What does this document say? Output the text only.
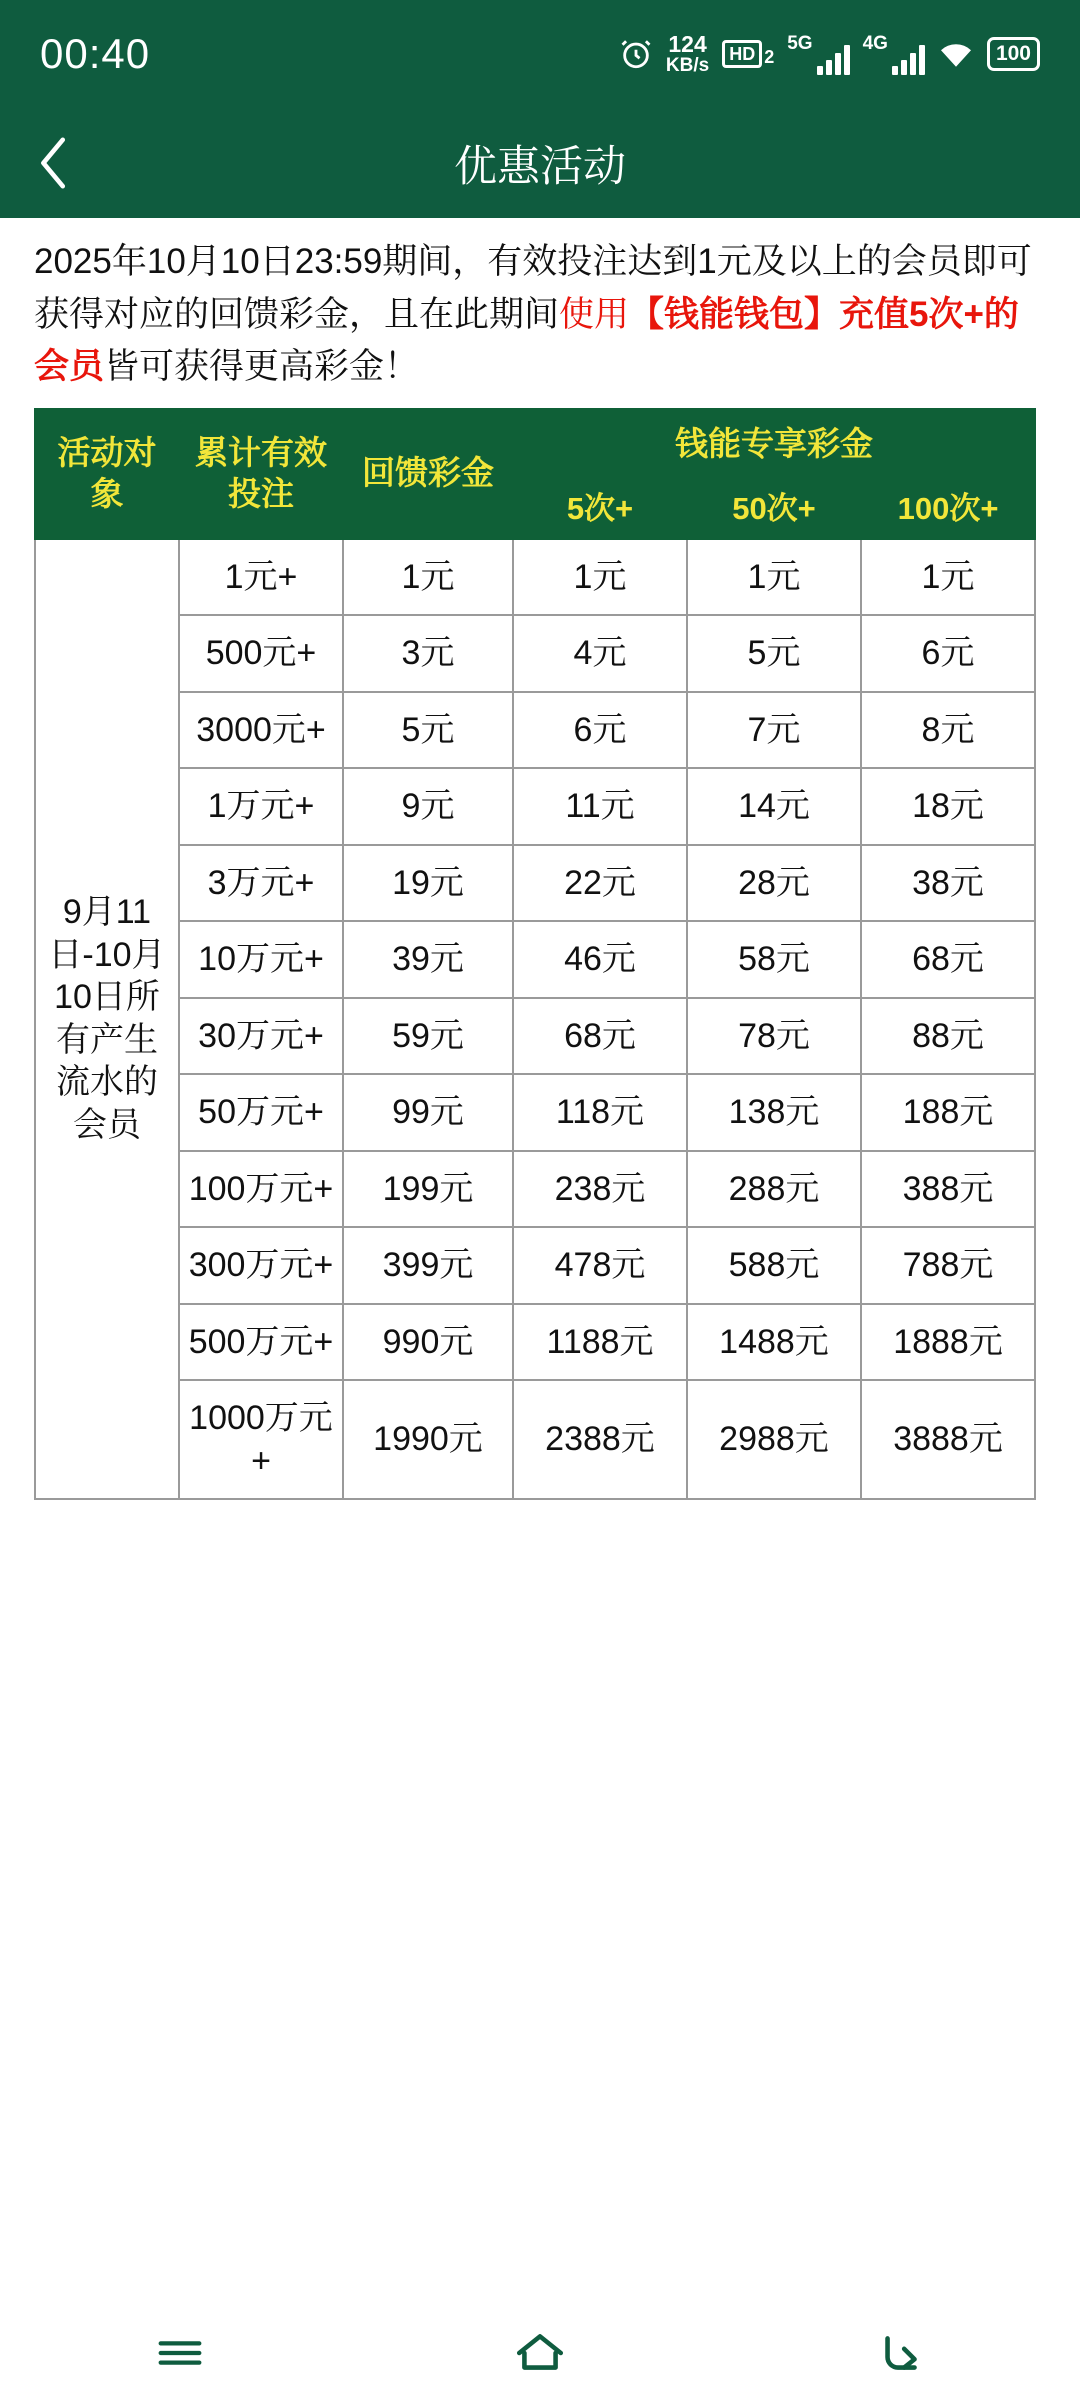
00:40	124
KB/s
HD 2
5G	4G	100
优惠活动

2025年10月10日23:59期间，有效投注达到1元及以上的会员即可获得对应的回馈彩金，且在此期间使用【钱能钱包】充值5次+的会员皆可获得更高彩金！

活动对象	累计有效投注	回馈彩金	钱能专享彩金		
			5次+	50次+	100次+
9月11日-10月10日所有产生流水的会员	1元+	1元	1元	1元	1元
	500元+	3元	4元	5元	6元
	3000元+	5元	6元	7元	8元
	1万元+	9元	11元	14元	18元
	3万元+	19元	22元	28元	38元
	10万元+	39元	46元	58元	68元
	30万元+	59元	68元	78元	88元
	50万元+	99元	118元	138元	188元
	100万元+	199元	238元	288元	388元
	300万元+	399元	478元	588元	788元
	500万元+	990元	1188元	1488元	1888元
	1000万元+	1990元	2388元	2988元	3888元
